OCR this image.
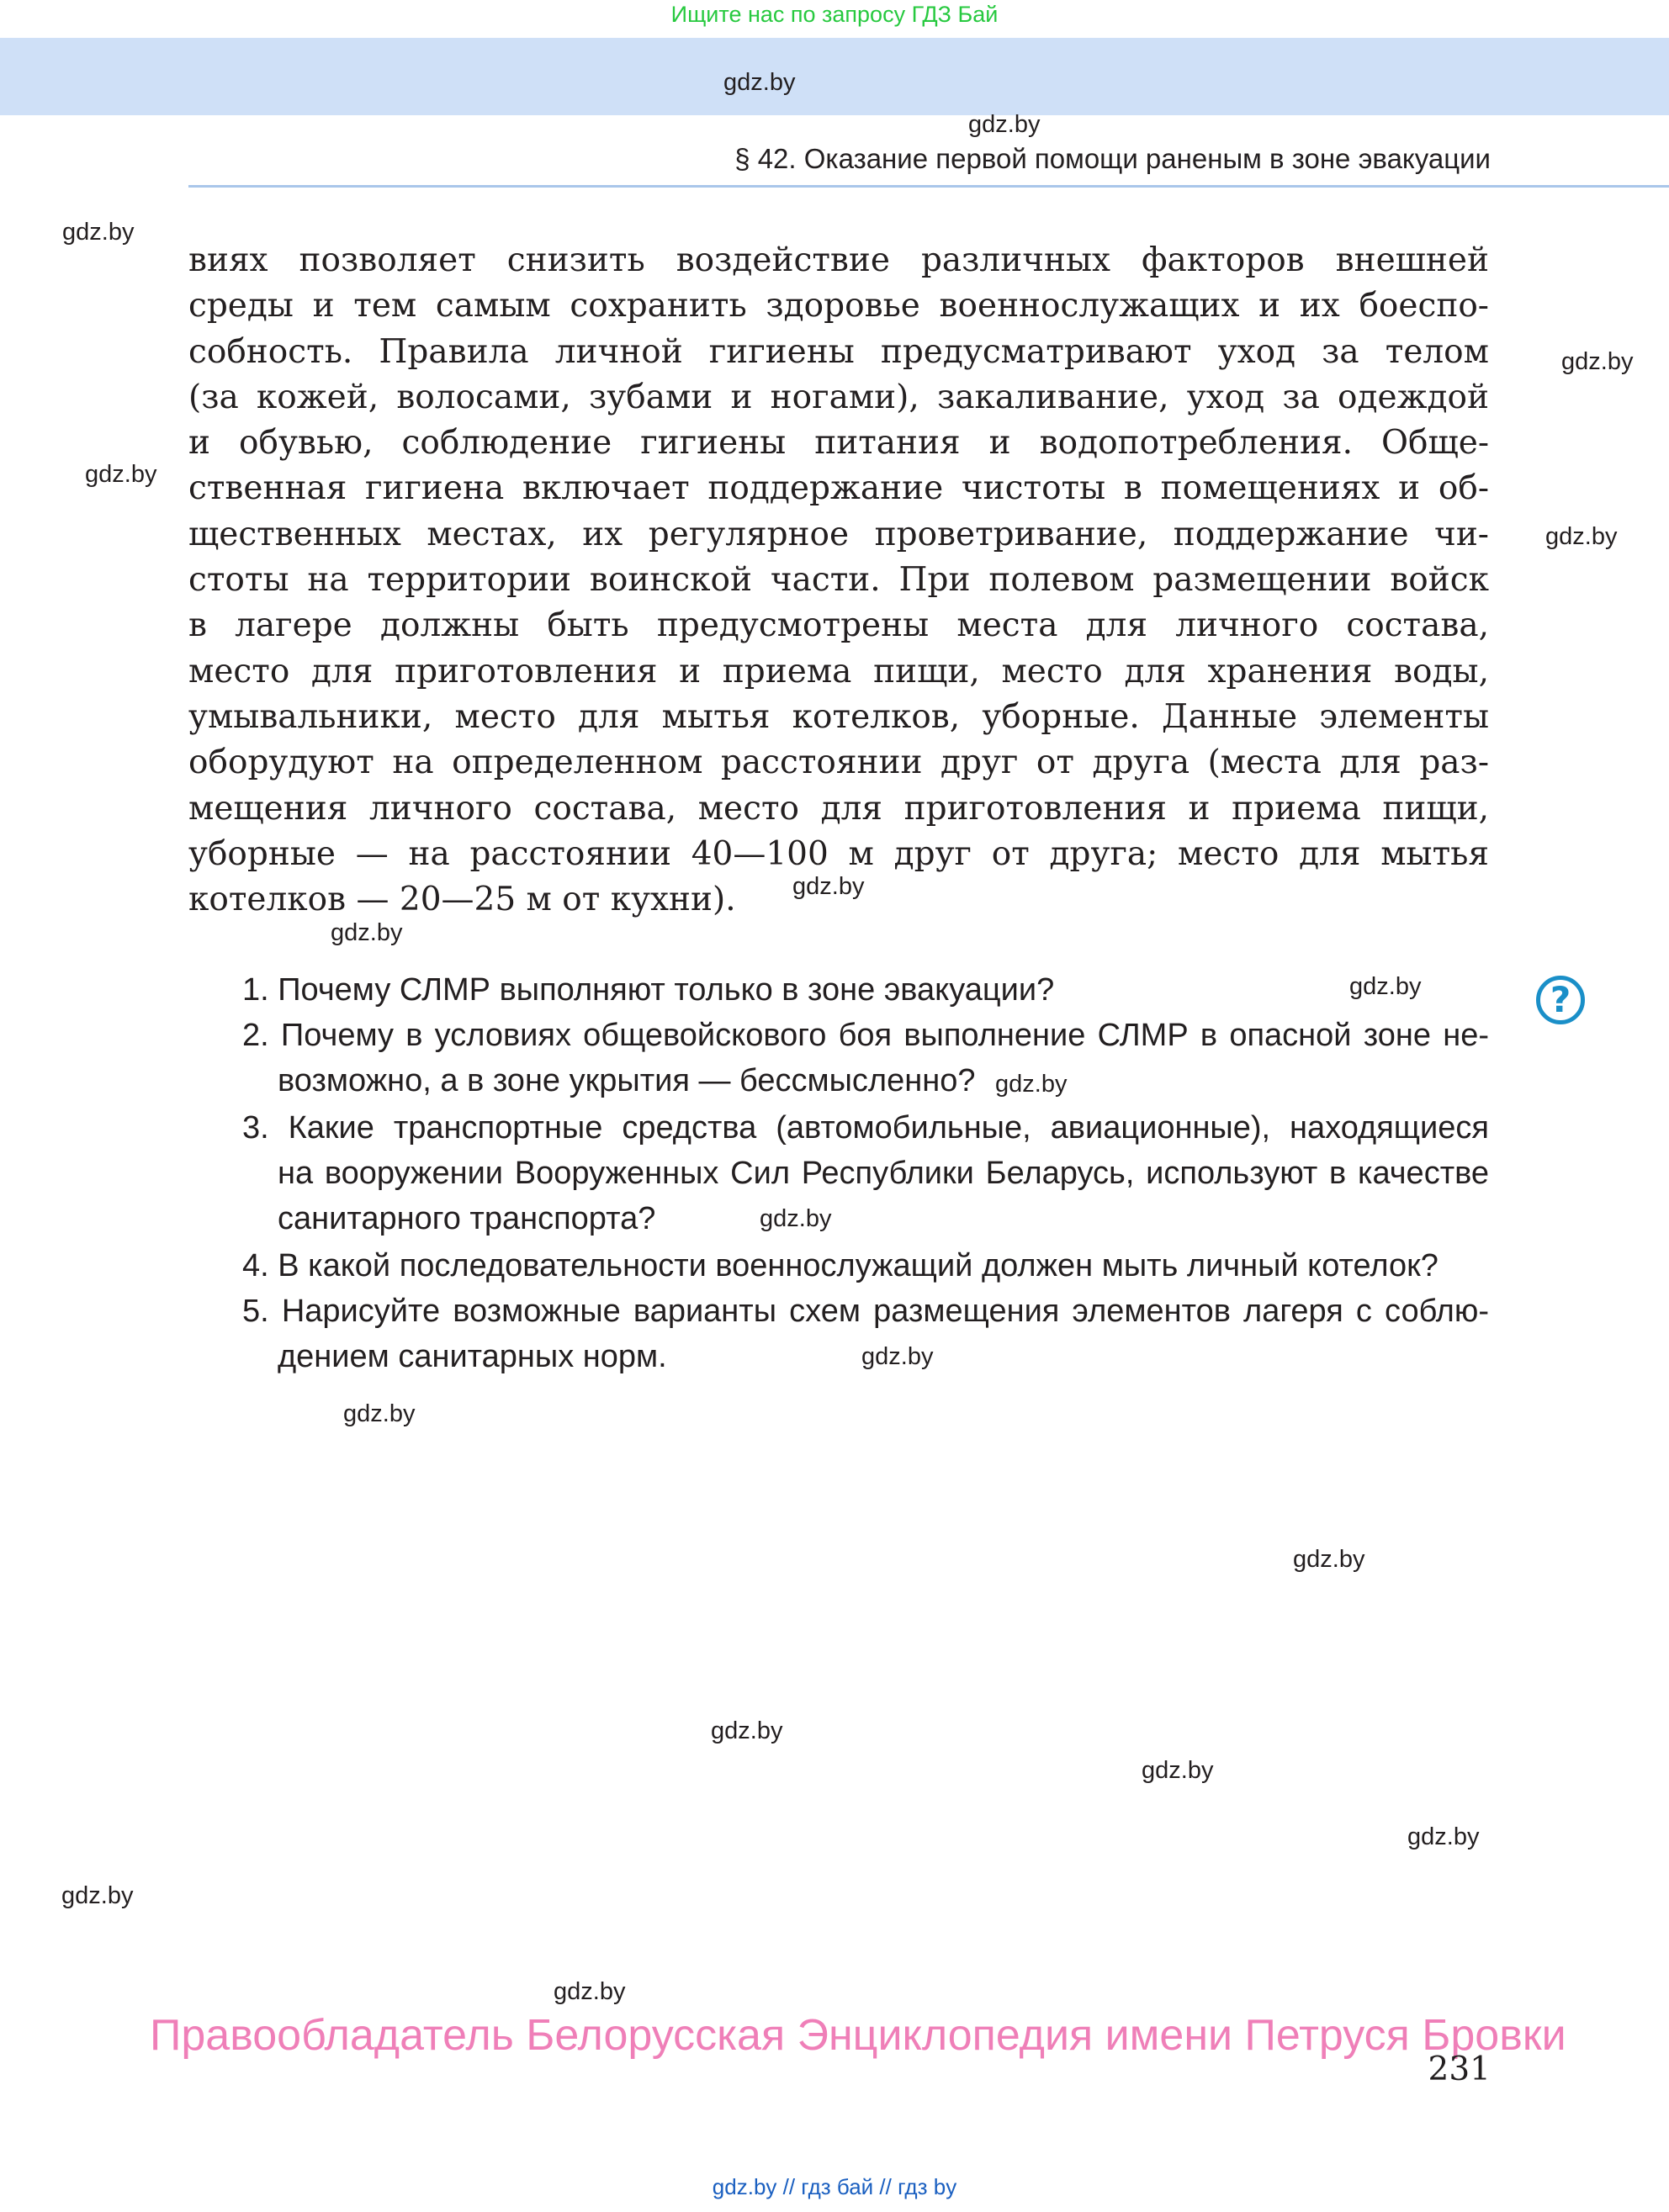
Ищите нас по запросу ГДЗ Бай
gdz.by
gdz.by
§ 42. Оказание первой помощи раненым в зоне эвакуации
виях позволяет снизить воздействие различных факторов внешней
среды и тем самым сохранить здоровье военнослужащих и их боеспо-
собность. Правила личной гигиены предусматривают уход за телом
(за кожей, волосами, зубами и ногами), закаливание, уход за одеждой
и обувью, соблюдение гигиены питания и водопотребления. Обще-
ственная гигиена включает поддержание чистоты в помещениях и об-
щественных местах, их регулярное проветривание, поддержание чи-
стоты на территории воинской части. При полевом размещении войск
в лагере должны быть предусмотрены места для личного состава,
место для приготовления и приема пищи, место для хранения воды,
умывальники, место для мытья котелков, уборные. Данные элементы
оборудуют на определенном расстоянии друг от друга (места для раз-
мещения личного состава, место для приготовления и приема пищи,
уборные — на расстоянии 40—100 м друг от друга; место для мытья
котелков — 20—25 м от кухни).
1. Почему СЛМР выполняют только в зоне эвакуации?
2. Почему в условиях общевойскового боя выполнение СЛМР в опасной зоне не-
возможно, а в зоне укрытия — бессмысленно?
3. Какие транспортные средства (автомобильные, авиационные), находящиеся
на вооружении Вооруженных Сил Республики Беларусь, используют в качестве
санитарного транспорта?
4. В какой последовательности военнослужащий должен мыть личный котелок?
5. Нарисуйте возможные варианты схем размещения элементов лагеря с соблю-
дением санитарных норм.
?
gdz.by
gdz.by
gdz.by
gdz.by
gdz.by
gdz.by
gdz.by
gdz.by
gdz.by
gdz.by
gdz.by
gdz.by
gdz.by
gdz.by
gdz.by
gdz.by
gdz.by
Правообладатель Белорусская Энциклопедия имени Петруся Бровки
231
gdz.by // гдз бай // гдз by
